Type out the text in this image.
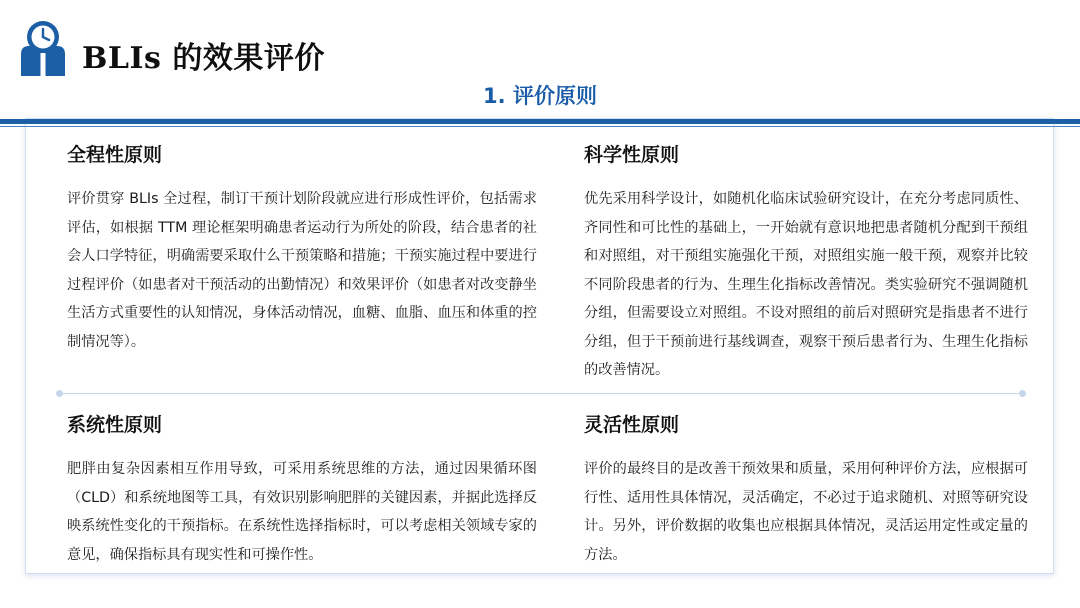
BLIs 的效果评价
1. 评价原则
全程性原则

评价贯穿 BLIs 全过程，制订干预计划阶段就应进行形成性评价，包括需求评估，如根据 TTM 理论框架明确患者运动行为所处的阶段，结合患者的社会人口学特征，明确需要采取什么干预策略和措施；干预实施过程中要进行过程评价（如患者对干预活动的出勤情况）和效果评价（如患者对改变静坐生活方式重要性的认知情况，身体活动情况，血糖、血脂、血压和体重的控制情况等）。

科学性原则

优先采用科学设计，如随机化临床试验研究设计，在充分考虑同质性、齐同性和可比性的基础上，一开始就有意识地把患者随机分配到干预组和对照组，对干预组实施强化干预，对照组实施一般干预，观察并比较不同阶段患者的行为、生理生化指标改善情况。类实验研究不强调随机分组，但需要设立对照组。不设对照组的前后对照研究是指患者不进行分组，但于干预前进行基线调查，观察干预后患者行为、生理生化指标的改善情况。

系统性原则

肥胖由复杂因素相互作用导致，可采用系统思维的方法，通过因果循环图（CLD）和系统地图等工具，有效识别影响肥胖的关键因素，并据此选择反映系统性变化的干预指标。在系统性选择指标时，可以考虑相关领域专家的意见，确保指标具有现实性和可操作性。

灵活性原则

评价的最终目的是改善干预效果和质量，采用何种评价方法，应根据可行性、适用性具体情况，灵活确定，不必过于追求随机、对照等研究设计。另外，评价数据的收集也应根据具体情况，灵活运用定性或定量的方法。
